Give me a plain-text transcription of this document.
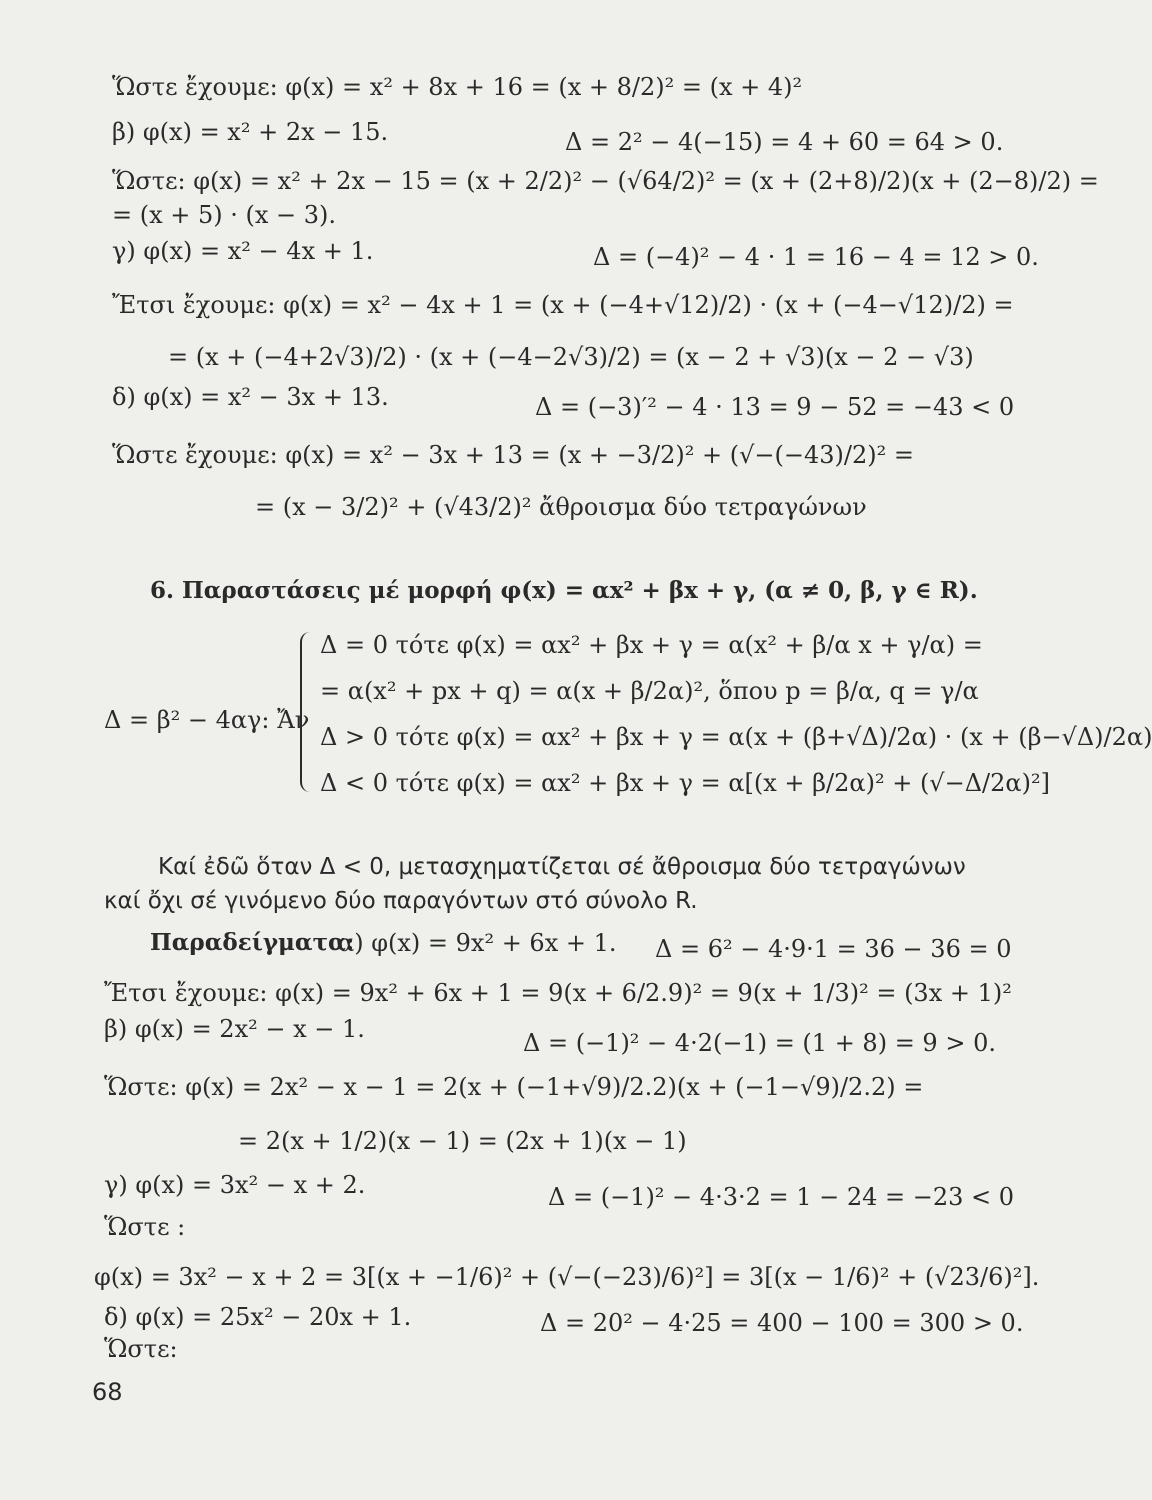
Ὥστε ἔχουμε: φ(x) = x² + 8x + 16 = (x + 8/2)² = (x + 4)²
β) φ(x) = x² + 2x − 15.	Δ = 2² − 4(−15) = 4 + 60 = 64 > 0.
Ὥστε: φ(x) = x² + 2x − 15 = (x + 2/2)² − (√64/2)² = (x + (2+8)/2)(x + (2−8)/2) =
= (x + 5) · (x − 3).
γ) φ(x) = x² − 4x + 1.	Δ = (−4)² − 4 · 1 = 16 − 4 = 12 > 0.
Ἔτσι ἔχουμε: φ(x) = x² − 4x + 1 = (x + (−4+√12)/2) · (x + (−4−√12)/2) =
= (x + (−4+2√3)/2) · (x + (−4−2√3)/2) = (x − 2 + √3)(x − 2 − √3)
δ) φ(x) = x² − 3x + 13.	Δ = (−3)′² − 4 · 13 = 9 − 52 = −43 < 0
Ὥστε ἔχουμε: φ(x) = x² − 3x + 13 = (x + −3/2)² + (√−(−43)/2)² =
= (x − 3/2)² + (√43/2)² ἄθροισμα δύο τετραγώνων
6. Παραστάσεις μέ μορφή φ(x) = αx² + βx + γ, (α ≠ 0, β, γ ∈ R).
Δ = 0 τότε φ(x) = αx² + βx + γ = α(x² + β/α x + γ/α) =
= α(x² + px + q) = α(x + β/2α)², ὅπου p = β/α, q = γ/α
Δ = β² − 4αγ: Ἄν
Δ > 0 τότε φ(x) = αx² + βx + γ = α(x + (β+√Δ)/2α) · (x + (β−√Δ)/2α)
Δ < 0 τότε φ(x) = αx² + βx + γ = α[(x + β/2α)² + (√−Δ/2α)²]
Καί ἐδῶ ὅταν Δ < 0, μετασχηματίζεται σέ ἄθροισμα δύο τετραγώνων
καί ὄχι σέ γινόμενο δύο παραγόντων στό σύνολο R.
Παραδείγματα:
α) φ(x) = 9x² + 6x + 1. Δ = 6² − 4·9·1 = 36 − 36 = 0
Ἔτσι ἔχουμε: φ(x) = 9x² + 6x + 1 = 9(x + 6/2.9)² = 9(x + 1/3)² = (3x + 1)²
β) φ(x) = 2x² − x − 1.	Δ = (−1)² − 4·2(−1) = (1 + 8) = 9 > 0.
Ὥστε: φ(x) = 2x² − x − 1 = 2(x + (−1+√9)/2.2)(x + (−1−√9)/2.2) =
= 2(x + 1/2)(x − 1) = (2x + 1)(x − 1)
γ) φ(x) = 3x² − x + 2.	Δ = (−1)² − 4·3·2 = 1 − 24 = −23 < 0
Ὥστε :
φ(x) = 3x² − x + 2 = 3[(x + −1/6)² + (√−(−23)/6)²] = 3[(x − 1/6)² + (√23/6)²].
δ) φ(x) = 25x² − 20x + 1.	Δ = 20² − 4·25 = 400 − 100 = 300 > 0.
Ὥστε:
68
